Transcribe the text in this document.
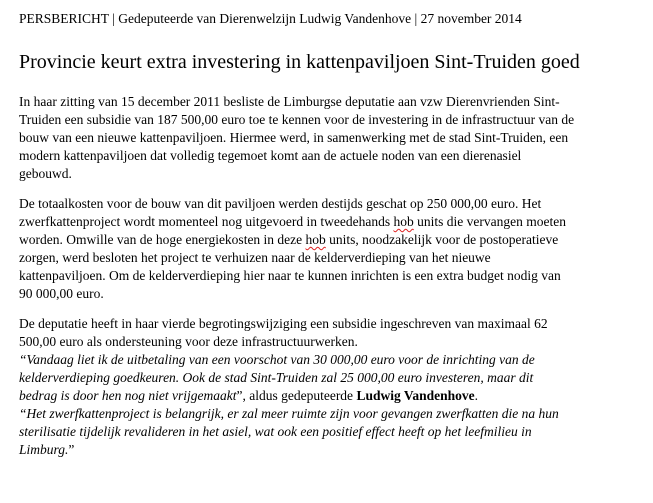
PERSBERICHT | Gedeputeerde van Dierenwelzijn Ludwig Vandenhove | 27 november 2014
Provincie keurt extra investering in kattenpaviljoen Sint-Truiden goed
In haar zitting van 15 december 2011 besliste de Limburgse deputatie aan vzw Dierenvrienden Sint-
Truiden een subsidie van 187 500,00 euro toe te kennen voor de investering in de infrastructuur van de
bouw van een nieuwe kattenpaviljoen. Hiermee werd, in samenwerking met de stad Sint-Truiden, een
modern kattenpaviljoen dat volledig tegemoet komt aan de actuele noden van een dierenasiel
gebouwd.
De totaalkosten voor de bouw van dit paviljoen werden destijds geschat op 250 000,00 euro. Het
zwerfkattenproject wordt momenteel nog uitgevoerd in tweedehands hob units die vervangen moeten
worden. Omwille van de hoge energiekosten in deze hob units, noodzakelijk voor de postoperatieve
zorgen, werd besloten het project te verhuizen naar de kelderverdieping van het nieuwe
kattenpaviljoen. Om de kelderverdieping hier naar te kunnen inrichten is een extra budget nodig van
90 000,00 euro.
De deputatie heeft in haar vierde begrotingswijziging een subsidie ingeschreven van maximaal 62
500,00 euro als ondersteuning voor deze infrastructuurwerken.
“Vandaag liet ik de uitbetaling van een voorschot van 30 000,00 euro voor de inrichting van de
kelderverdieping goedkeuren. Ook de stad Sint-Truiden zal 25 000,00 euro investeren, maar dit
bedrag is door hen nog niet vrijgemaakt”, aldus gedeputeerde Ludwig Vandenhove.
“Het zwerfkattenproject is belangrijk, er zal meer ruimte zijn voor gevangen zwerfkatten die na hun
sterilisatie tijdelijk revalideren in het asiel, wat ook een positief effect heeft op het leefmilieu in
Limburg.”
